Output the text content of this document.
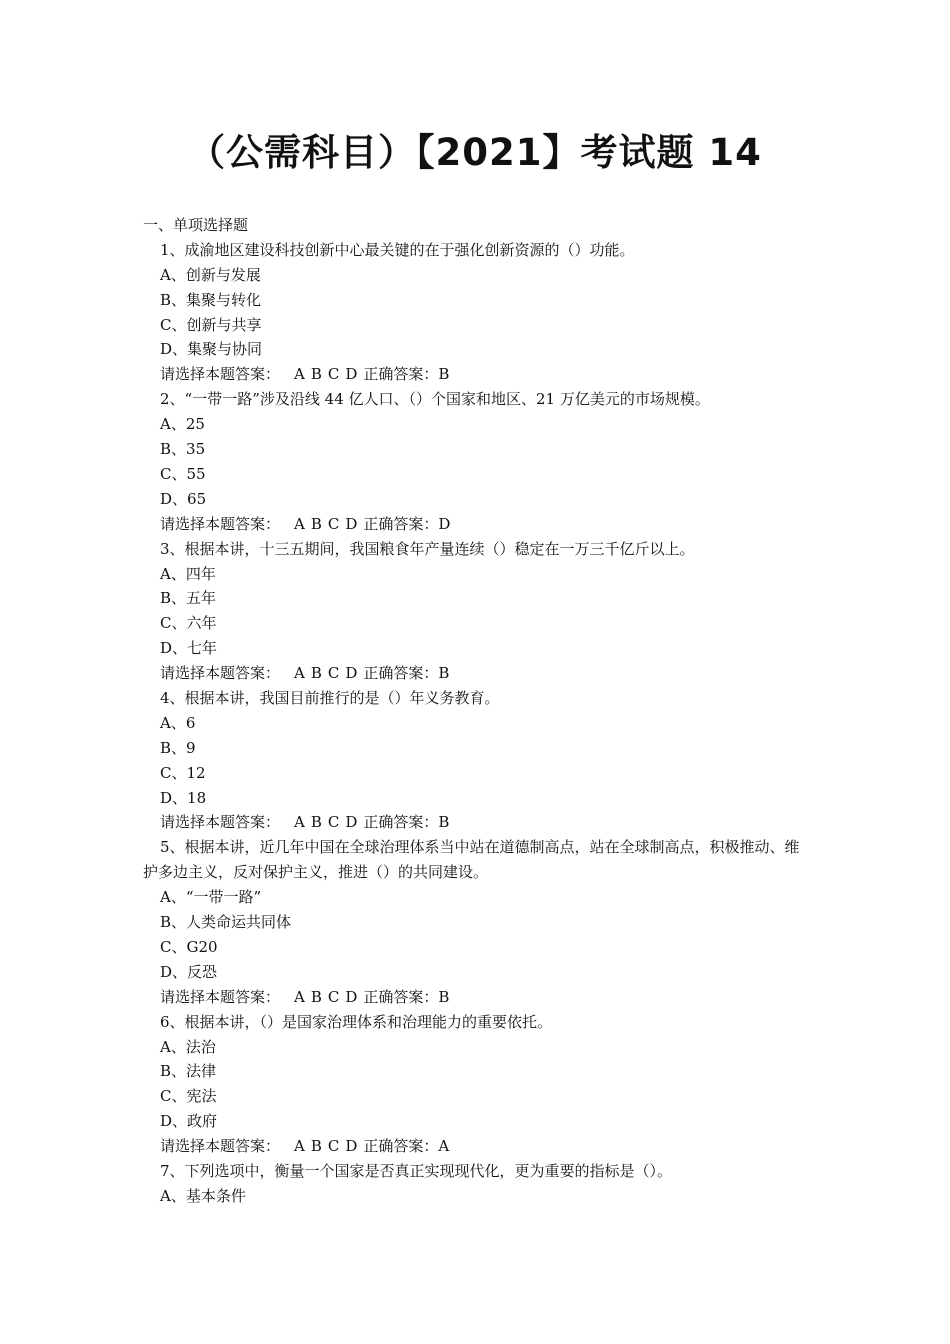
（公需科目）【2021】考试题 14
一、单项选择题
1、成渝地区建设科技创新中心最关键的在于强化创新资源的（）功能。
A、创新与发展
B、集聚与转化
C、创新与共享
D、集聚与协同
请选择本题答案： A B C D 正确答案：B
2、“一带一路”涉及沿线 44 亿人口、（）个国家和地区、21 万亿美元的市场规模。
A、25
B、35
C、55
D、65
请选择本题答案： A B C D 正确答案：D
3、根据本讲，十三五期间，我国粮食年产量连续（）稳定在一万三千亿斤以上。
A、四年
B、五年
C、六年
D、七年
请选择本题答案： A B C D 正确答案：B
4、根据本讲，我国目前推行的是（）年义务教育。
A、6
B、9
C、12
D、18
请选择本题答案： A B C D 正确答案：B
5、根据本讲，近几年中国在全球治理体系当中站在道德制高点，站在全球制高点，积极推动、维护多边主义，反对保护主义，推进（）的共同建设。
A、“一带一路”
B、人类命运共同体
C、G20
D、反恐
请选择本题答案： A B C D 正确答案：B
6、根据本讲，（）是国家治理体系和治理能力的重要依托。
A、法治
B、法律
C、宪法
D、政府
请选择本题答案： A B C D 正确答案：A
7、下列选项中，衡量一个国家是否真正实现现代化，更为重要的指标是（）。
A、基本条件
